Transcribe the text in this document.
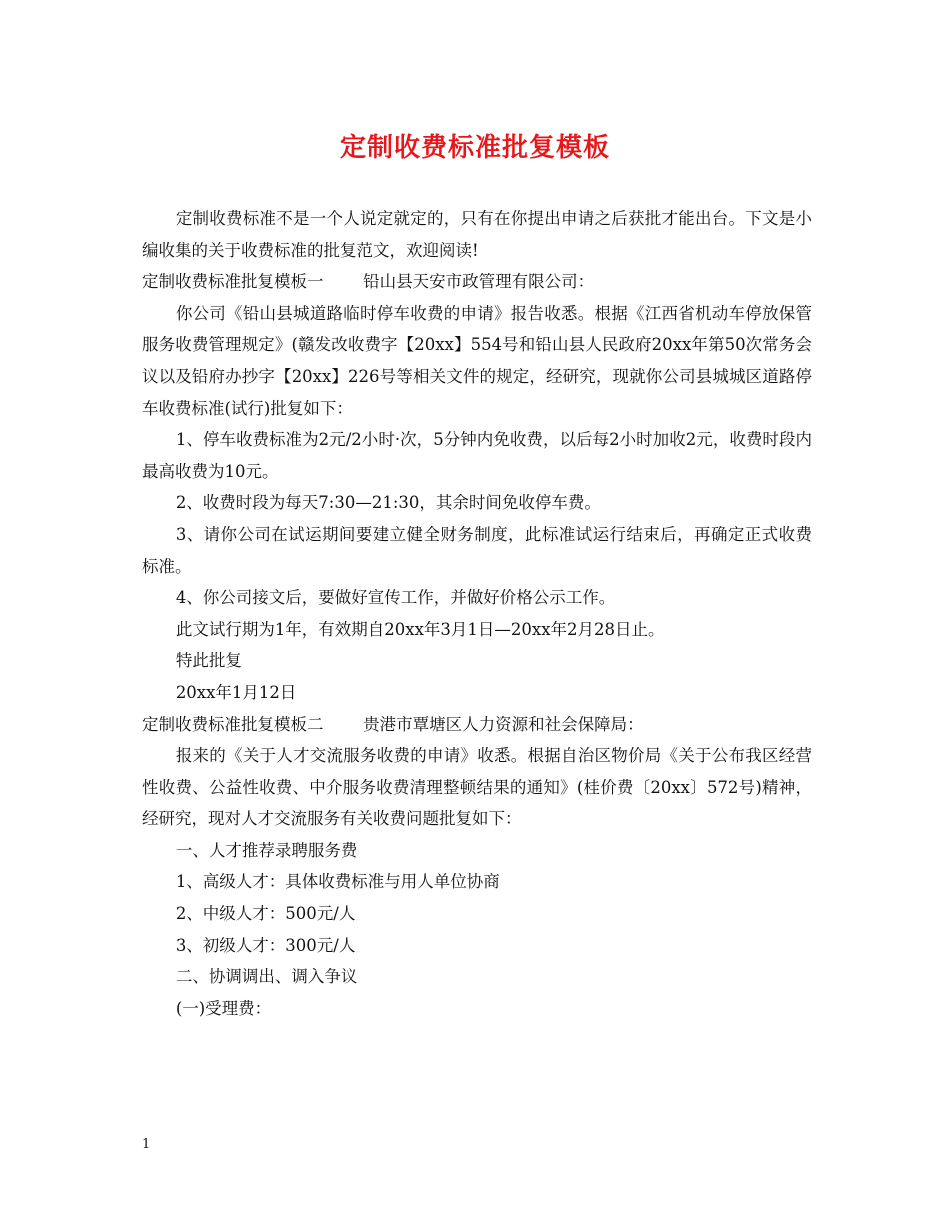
定制收费标准批复模板

定制收费标准不是一个人说定就定的，只有在你提出申请之后获批才能出台。下文是小编收集的关于收费标准的批复范文，欢迎阅读!

定制收费标准批复模板一 铅山县天安市政管理有限公司：

你公司《铅山县城道路临时停车收费的申请》报告收悉。根据《江西省机动车停放保管服务收费管理规定》(赣发改收费字【20xx】554号和铅山县人民政府20xx年第50次常务会议以及铅府办抄字【20xx】226号等相关文件的规定，经研究，现就你公司县城城区道路停车收费标准(试行)批复如下：

1、停车收费标准为2元/2小时·次，5分钟内免收费，以后每2小时加收2元，收费时段内最高收费为10元。

2、收费时段为每天7:30—21:30，其余时间免收停车费。

3、请你公司在试运期间要建立健全财务制度，此标准试运行结束后，再确定正式收费标准。

4、你公司接文后，要做好宣传工作，并做好价格公示工作。

此文试行期为1年，有效期自20xx年3月1日—20xx年2月28日止。

特此批复

20xx年1月12日

定制收费标准批复模板二 贵港市覃塘区人力资源和社会保障局：

报来的《关于人才交流服务收费的申请》收悉。根据自治区物价局《关于公布我区经营性收费、公益性收费、中介服务收费清理整顿结果的通知》(桂价费〔20xx〕572号)精神，经研究，现对人才交流服务有关收费问题批复如下：

一、人才推荐录聘服务费

1、高级人才：具体收费标准与用人单位协商

2、中级人才：500元/人

3、初级人才：300元/人

二、协调调出、调入争议

(一)受理费：

1
